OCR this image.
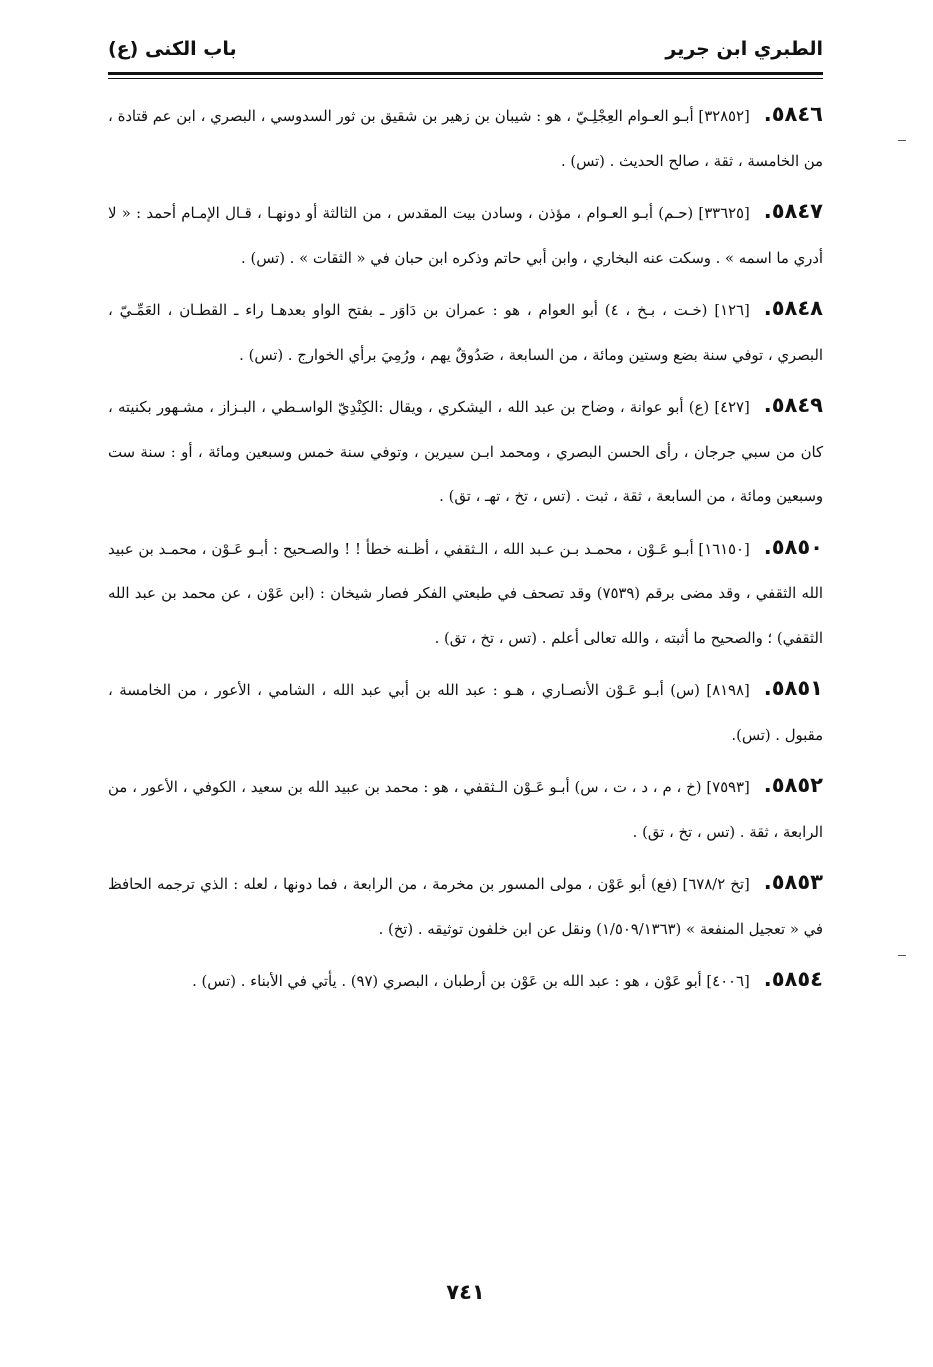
الطبري ابن جرير
باب الكنى (ع)

٥٨٤٦.[٣٢٨٥٢] أبـو العـوام العِجْلِـيّ ، هو : شيبان بن زهير بن شقيق بن ثور السدوسي ، البصري ، ابن عم قتادة ، من الخامسة ، ثقة ، صالح الحديث . (تس) .

٥٨٤٧.[٣٣٦٢٥] (حـم) أبـو العـوام ، مؤذن ، وسادن بيت المقدس ، من الثالثة أو دونهـا ، قـال الإمـام أحمد : « لا أدري ما اسمه » . وسكت عنه البخاري ، وابن أبي حاتم وذكره ابن حبان في « الثقات » . (تس) .

٥٨٤٨.[١٢٦] (خـت ، بـخ ، ٤) أبو العوام ، هو : عمران بن دَاوَر ـ بفتح الواو بعدهـا راء ـ القطـان ، العَمِّـيّ ، البصري ، توفي سنة بضع وستين ومائة ، من السابعة ، صَدُوقٌ يهم ، ورُمِيَ برأي الخوارج . (تس) .

٥٨٤٩.[٤٢٧] (ع) أبو عوانة ، وضاح بن عبد الله ، اليشكري ، ويقال :الكِنْدِيّ الواسـطي ، البـزاز ، مشـهور بكنيته ، كان من سبي جرجان ، رأى الحسن البصري ، ومحمد ابـن سيرين ، وتوفي سنة خمس وسبعين ومائة ، أو : سنة ست وسبعين ومائة ، من السابعة ، ثقة ، ثبت . (تس ، تخ ، تهـ ، تق) .

٥٨٥٠.[١٦١٥٠] أبـو عَـوْن ، محمـد بـن عـبد الله ، الـثقفي ، أظـنه خطأ ! ! والصـحيح : أبـو عَـوْن ، محمـد بن عبيد الله الثقفي ، وقد مضى برقم (٧٥٣٩) وقد تصحف في طبعتي الفكر فصار شيخان : (ابن عَوْن ، عن محمد بن عبد الله الثقفي) ؛ والصحيح ما أثبته ، والله تعالى أعلم . (تس ، تخ ، تق) .

٥٨٥١.[٨١٩٨] (س) أبـو عَـوْن الأنصـاري ، هـو : عبد الله بن أبي عبد الله ، الشامي ، الأعور ، من الخامسة ، مقبول . (تس).

٥٨٥٢.[٧٥٩٣] (خ ، م ، د ، ت ، س) أبـو عَـوْن الـثقفي ، هو : محمد بن عبيد الله بن سعيد ، الكوفي ، الأعور ، من الرابعة ، ثقة . (تس ، تخ ، تق) .

٥٨٥٣.[تخ ٦٧٨/٢] (فع) أبو عَوْن ، مولى المسور بن مخرمة ، من الرابعة ، فما دونها ، لعله : الذي ترجمه الحافظ في « تعجيل المنفعة » (١/٥٠٩/١٣٦٣) ونقل عن ابن خلفون توثيقه . (تخ) .

٥٨٥٤.[٤٠٠٦] أبو عَوْن ، هو : عبد الله بن عَوْن بن أرطبان ، البصري (٩٧) . يأتي في الأبناء . (تس) .

٧٤١
